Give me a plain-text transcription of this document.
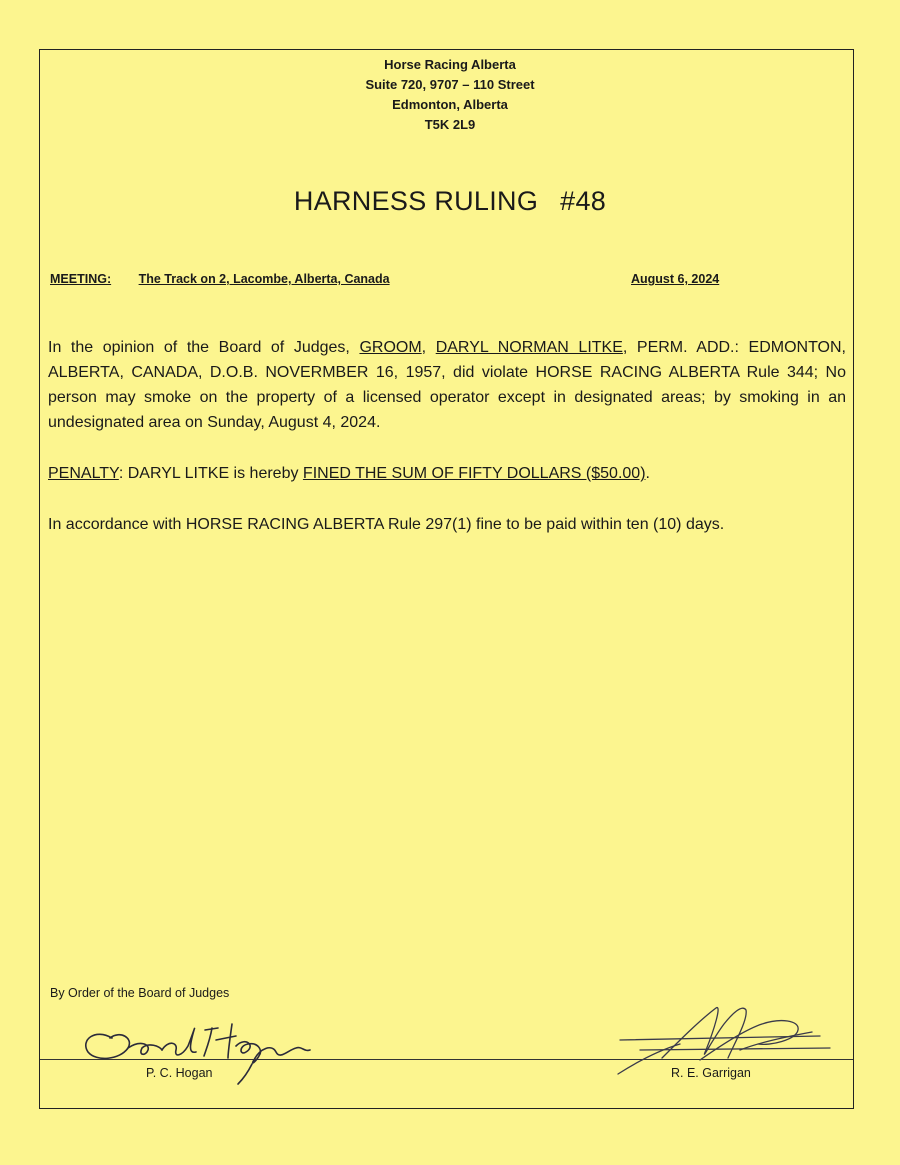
Horse Racing Alberta
Suite 720, 9707 – 110 Street
Edmonton, Alberta
T5K 2L9
HARNESS RULING #48
MEETING: The Track on 2, Lacombe, Alberta, Canada	August 6, 2024
In the opinion of the Board of Judges, GROOM, DARYL NORMAN LITKE, PERM. ADD.: EDMONTON, ALBERTA, CANADA, D.O.B. NOVERMBER 16, 1957, did violate HORSE RACING ALBERTA Rule 344; No person may smoke on the property of a licensed operator except in designated areas; by smoking in an undesignated area on Sunday, August 4, 2024.
PENALTY: DARYL LITKE is hereby FINED THE SUM OF FIFTY DOLLARS ($50.00).
In accordance with HORSE RACING ALBERTA Rule 297(1) fine to be paid within ten (10) days.
By Order of the Board of Judges
P. C. Hogan	R. E. Garrigan
